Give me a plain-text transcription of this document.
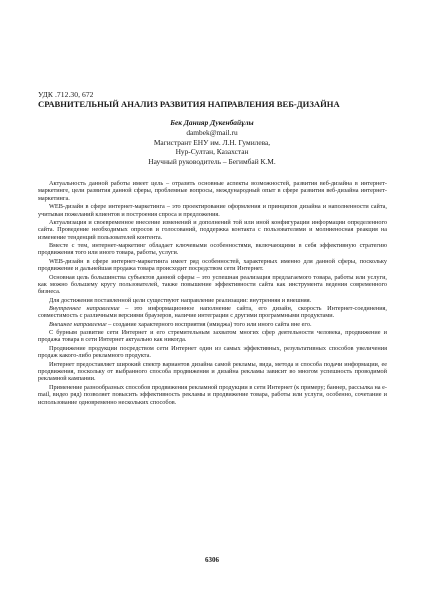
УДК .712.30, 672
СРАВНИТЕЛЬНЫЙ АНАЛИЗ РАЗВИТИЯ НАПРАВЛЕНИЯ ВЕБ-ДИЗАЙНА
Бек Данияр Дукенбайұлы
dambek@mail.ru
Магистрант ЕНУ им. Л.Н. Гумилева,
Нур-Султан, Казахстан
Научный руководитель – Бегимбай К.М.

Актуальность данной работы имеет цель – отразить основные аспекты возможностей, развития веб-дизайна в интернет-маркетинге, цели развития данной сферы, проблемные вопросы, международный опыт в сфере развития веб-дизайна интернет-маркетинга.

WEB-дизайн в сфере интернет-маркетинга – это проектирование оформления и принципов дизайна и наполненности сайта, учитывая пожеланий клиентов и построения спроса и предложения.

Актуализация и своевременное внесение изменений и дополнений той или иной конфигурации информации определенного сайта. Проведение необходимых опросов и голосований, поддержка контакта с пользователями и молниеносная реакция на изменение тенденций пользователей контента.

Вместе с тем, интернет-маркетинг обладает ключевыми особенностями, включающими в себя эффективную стратегию продвижения того или иного товара, работы, услуги.

WEB-дизайн в сфере интернет-маркетинга имеет ряд особенностей, характерных именно для данной сферы, поскольку продвижение и дальнейшая продажа товара происходит посредством сети Интернет.

Основная цель большинства субъектов данной сферы – это успешная реализация предлагаемого товара, работы или услуги, как можно большему кругу пользователей, также повышение эффективности сайта как инструмента ведения современного бизнеса.

Для достижения поставленной цели существуют направление реализации: внутренняя и внешняя.

Внутреннее направление – это информационное наполнение сайта, его дизайн, скорость Интернет-соединения, совместимость с различными версиями браузеров, наличие интеграции с другими программными продуктами.

Внешнее направление – создание характерного восприятия (имиджа) того или иного сайта вне его.

С бурным развитие сети Интернет и его стремительным захватом многих сфер деятельности человека, продвижение и продажа товара в сети Интернет актуально как никогда.

Продвижение продукции посредством сети Интернет один из самых эффективных, результативных способов увеличения продаж какого-либо рекламного продукта.

Интернет предоставляет широкий спектр вариантов дизайна самой рекламы, вида, метода и способа подачи информации, ее продвижения, поскольку от выбранного способа продвижения и дизайна рекламы зависит во многом успешность проводимой рекламной кампании.

Применение разнообразных способов продвижения рекламной продукции в сети Интернет (к примеру; баннер, рассылка на e-mail, видео ряд) позволяет повысить эффективность рекламы и продвижение товара, работы или услуги, особенно, сочетание и использование одновременно нескольких способов.

6306
